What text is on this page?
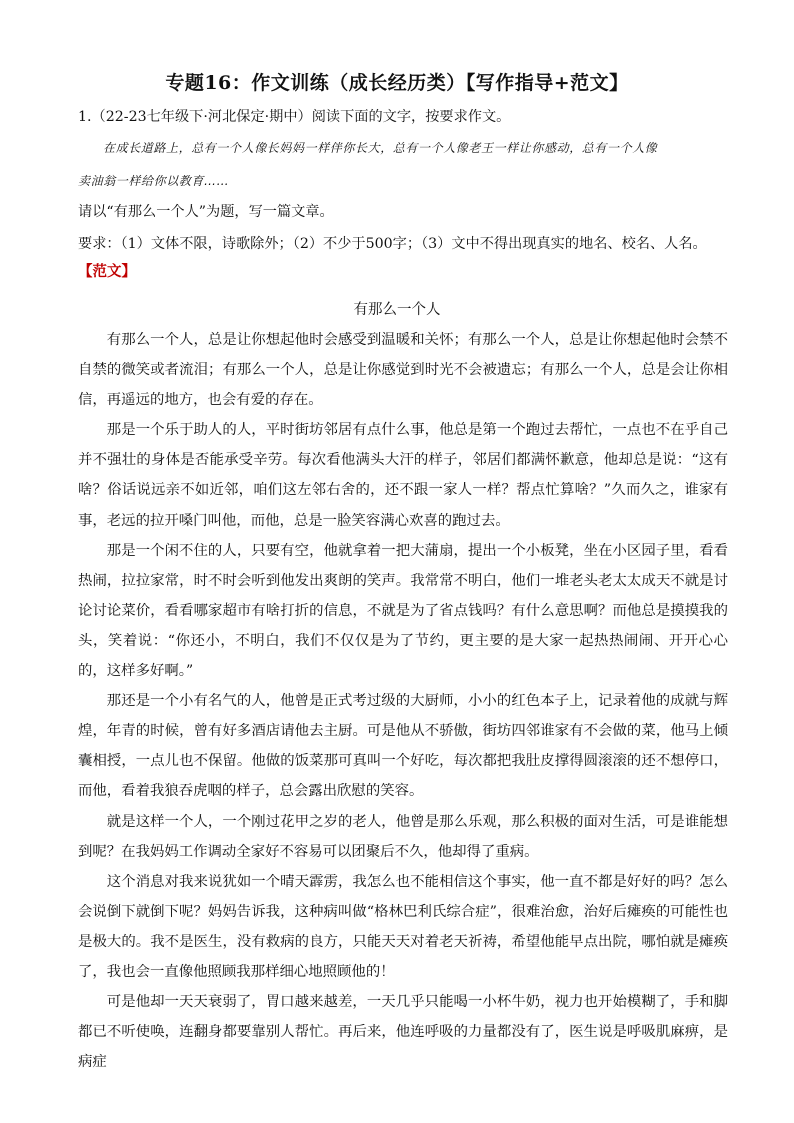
专题16：作文训练（成长经历类）【写作指导+范文】
1.（22-23七年级下·河北保定·期中）阅读下面的文字，按要求作文。
在成长道路上，总有一个人像长妈妈一样伴你长大，总有一个人像老王一样让你感动，总有一个人像
卖油翁一样给你以教育……
请以“有那么一个人”为题，写一篇文章。
要求：（1）文体不限，诗歌除外；（2）不少于500字；（3）文中不得出现真实的地名、校名、人名。
【范文】
有那么一个人

有那么一个人，总是让你想起他时会感受到温暖和关怀；有那么一个人，总是让你想起他时会禁不自禁的微笑或者流泪；有那么一个人，总是让你感觉到时光不会被遗忘；有那么一个人，总是会让你相信，再遥远的地方，也会有爱的存在。

那是一个乐于助人的人，平时街坊邻居有点什么事，他总是第一个跑过去帮忙，一点也不在乎自己并不强壮的身体是否能承受辛劳。每次看他满头大汗的样子，邻居们都满怀歉意，他却总是说：“这有啥？俗话说远亲不如近邻，咱们这左邻右舍的，还不跟一家人一样？帮点忙算啥？”久而久之，谁家有事，老远的拉开嗓门叫他，而他，总是一脸笑容满心欢喜的跑过去。

那是一个闲不住的人，只要有空，他就拿着一把大蒲扇，提出一个小板凳，坐在小区园子里，看看热闹，拉拉家常，时不时会听到他发出爽朗的笑声。我常常不明白，他们一堆老头老太太成天不就是讨论讨论菜价，看看哪家超市有啥打折的信息，不就是为了省点钱吗？有什么意思啊？而他总是摸摸我的头，笑着说：“你还小，不明白，我们不仅仅是为了节约，更主要的是大家一起热热闹闹、开开心心的，这样多好啊。”

那还是一个小有名气的人，他曾是正式考过级的大厨师，小小的红色本子上，记录着他的成就与辉煌，年青的时候，曾有好多酒店请他去主厨。可是他从不骄傲，街坊四邻谁家有不会做的菜，他马上倾囊相授，一点儿也不保留。他做的饭菜那可真叫一个好吃，每次都把我肚皮撑得圆滚滚的还不想停口，而他，看着我狼吞虎咽的样子，总会露出欣慰的笑容。

就是这样一个人，一个刚过花甲之岁的老人，他曾是那么乐观，那么积极的面对生活，可是谁能想到呢？在我妈妈工作调动全家好不容易可以团聚后不久，他却得了重病。

这个消息对我来说犹如一个晴天霹雳，我怎么也不能相信这个事实，他一直不都是好好的吗？怎么会说倒下就倒下呢？妈妈告诉我，这种病叫做“格林巴利氏综合症”，很难治愈，治好后瘫痪的可能性也是极大的。我不是医生，没有救病的良方，只能天天对着老天祈祷，希望他能早点出院，哪怕就是瘫痪了，我也会一直像他照顾我那样细心地照顾他的！

可是他却一天天衰弱了，胃口越来越差，一天几乎只能喝一小杯牛奶，视力也开始模糊了，手和脚都已不听使唤，连翻身都要靠别人帮忙。再后来，他连呼吸的力量都没有了，医生说是呼吸肌麻痹，是病症
